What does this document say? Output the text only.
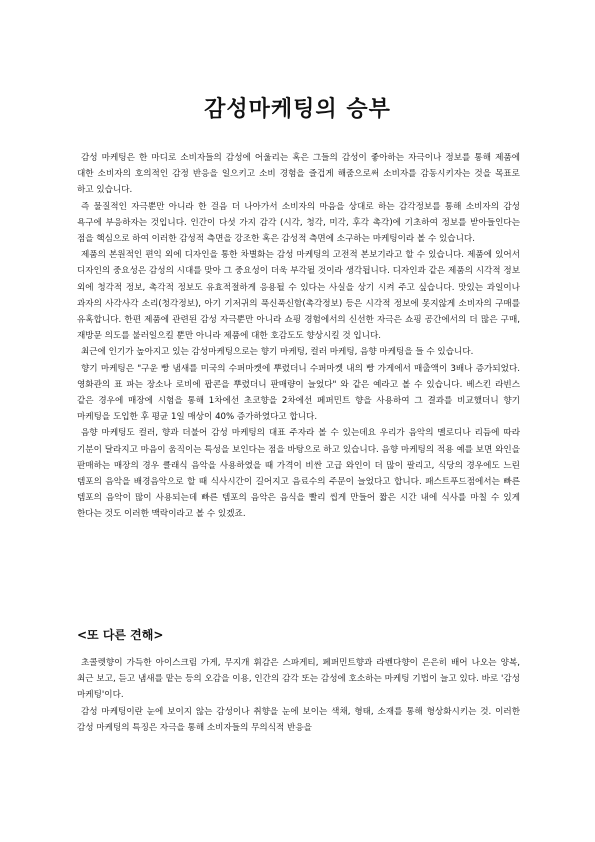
감성마케팅의 승부

감성 마케팅은 한 마디로 소비자들의 감성에 어울리는 혹은 그들의 감성이 좋아하는 자극이나 정보를 통해 제품에 대한 소비자의 호의적인 감정 반응을 일으키고 소비 경험을 즐겁게 해줌으로써 소비자를 감동시키자는 것을 목표로 하고 있습니다.

즉 물질적인 자극뿐만 아니라 한 걸음 더 나아가서 소비자의 마음을 상대로 하는 감각정보를 통해 소비자의 감성 욕구에 부응하자는 것입니다. 인간이 다섯 가지 감각 (시각, 청각, 미각, 후각 촉각)에 기초하여 정보를 받아들인다는 점을 핵심으로 하여 이러한 감성적 측면을 강조한 혹은 감성적 측면에 소구하는 마케팅이라 볼 수 있습니다.

제품의 본원적인 편익 외에 디자인을 통한 차별화는 감성 마케팅의 고전적 본보기라고 할 수 있습니다. 제품에 있어서 디자인의 중요성은 감성의 시대를 맞아 그 중요성이 더욱 부각될 것이라 생각됩니다. 디자인과 같은 제품의 시각적 정보 외에 청각적 정보, 촉각적 정보도 유효적절하게 응용될 수 있다는 사실을 상기 시켜 주고 싶습니다. 맛있는 과일이나 과자의 사각사각 소리(청각정보), 아기 기저귀의 푹신푹신함(촉각정보) 등은 시각적 정보에 못지않게 소비자의 구매를 유혹합니다. 한편 제품에 관련된 감성 자극뿐만 아니라 쇼핑 경험에서의 신선한 자극은 쇼핑 공간에서의 더 많은 구매, 재방문 의도를 불러일으킬 뿐만 아니라 제품에 대한 호감도도 향상시킬 것 입니다.

최근에 인기가 높아지고 있는 감성마케팅으로는 향기 마케팅, 컬러 마케팅, 음향 마케팅을 들 수 있습니다.

향기 마케팅은 "구운 빵 냄새를 미국의 수퍼마켓에 뿌렸더니 수퍼마켓 내의 빵 가게에서 매출액이 3배나 증가되었다. 영화관의 표 파는 장소나 로비에 팝콘을 뿌렸더니 판매량이 늘었다" 와 같은 예라고 볼 수 있습니다. 베스킨 라빈스 같은 경우에 매장에 시험을 통해 1차에선 초코향을 2차에선 페퍼민트 향을 사용하여 그 결과를 비교했더니 향기 마케팅을 도입한 후 평균 1일 매상이 40% 증가하였다고 합니다.

음향 마케팅도 컬러, 향과 더불어 감성 마케팅의 대표 주자라 볼 수 있는데요 우리가 음악의 멜로디나 리듬에 따라 기분이 달라지고 마음이 움직이는 특성을 보인다는 점을 바탕으로 하고 있습니다. 음향 마케팅의 적용 예를 보면 와인을 판매하는 매장의 경우 클래식 음악을 사용하였을 때 가격이 비싼 고급 와인이 더 많이 팔리고, 식당의 경우에도 느린 템포의 음악을 배경음악으로 할 때 식사시간이 길어지고 음료수의 주문이 늘었다고 합니다. 패스트푸드점에서는 빠른 템포의 음악이 많이 사용되는데 빠른 템포의 음악은 음식을 빨리 씹게 만들어 짧은 시간 내에 식사를 마칠 수 있게 한다는 것도 이러한 맥락이라고 볼 수 있겠죠.

<또 다른 견해>

초콜렛향이 가득한 아이스크림 가게, 무지개 휘감은 스파게티, 페퍼민트향과 라벤다향이 은은히 배어 나오는 양복, 최근 보고, 듣고 냄새를 맡는 등의 오감을 이용, 인간의 감각 또는 감성에 호소하는 마케팅 기법이 늘고 있다. 바로 '감성 마케팅'이다.

감성 마케팅이란 눈에 보이지 않는 감성이나 취향을 눈에 보이는 색채, 형태, 소재를 통해 형상화시키는 것. 이러한 감성 마케팅의 특징은 자극을 통해 소비자들의 무의식적 반응을
